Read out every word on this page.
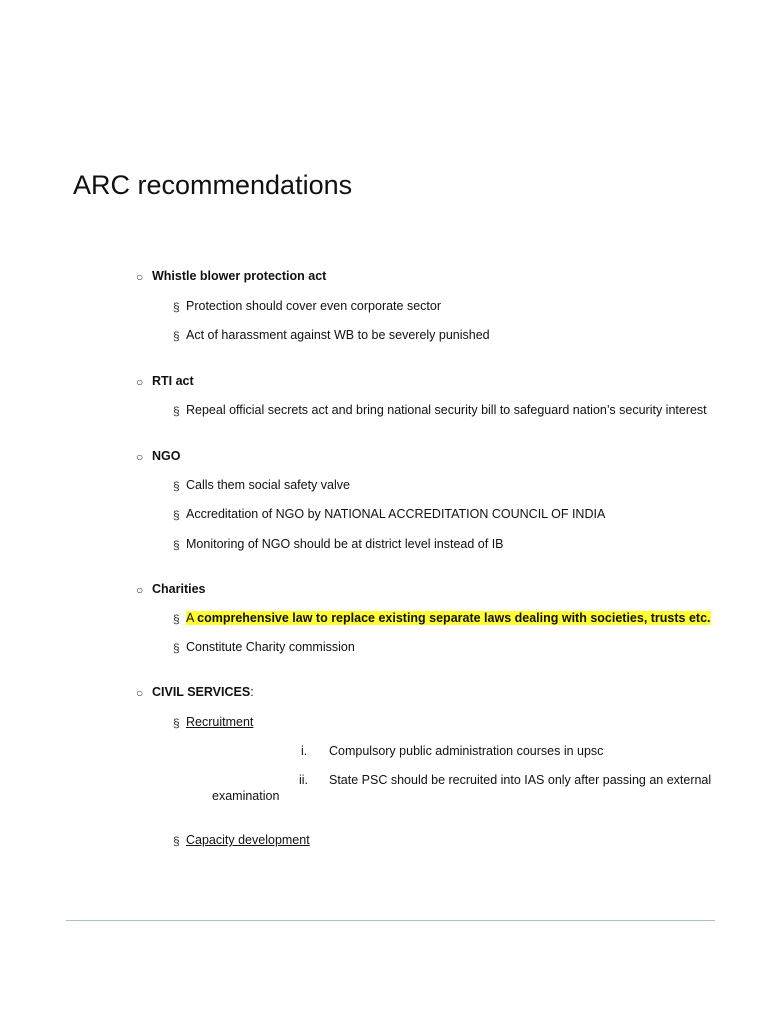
ARC recommendations
○ Whistle blower protection act
§ Protection should cover even corporate sector
§ Act of harassment against WB to be severely punished
○ RTI act
§ Repeal official secrets act and bring national security bill to safeguard nation’s security interest
○ NGO
§ Calls them social safety valve
§ Accreditation of NGO by NATIONAL ACCREDITATION COUNCIL OF INDIA
§ Monitoring of NGO should be at district level instead of IB
○ Charities
§ A comprehensive law to replace existing separate laws dealing with societies, trusts etc.
§ Constitute Charity commission
○ CIVIL SERVICES:
§ Recruitment
i. Compulsory public administration courses in upsc
ii. State PSC should be recruited into IAS only after passing an external
examination
§ Capacity development
